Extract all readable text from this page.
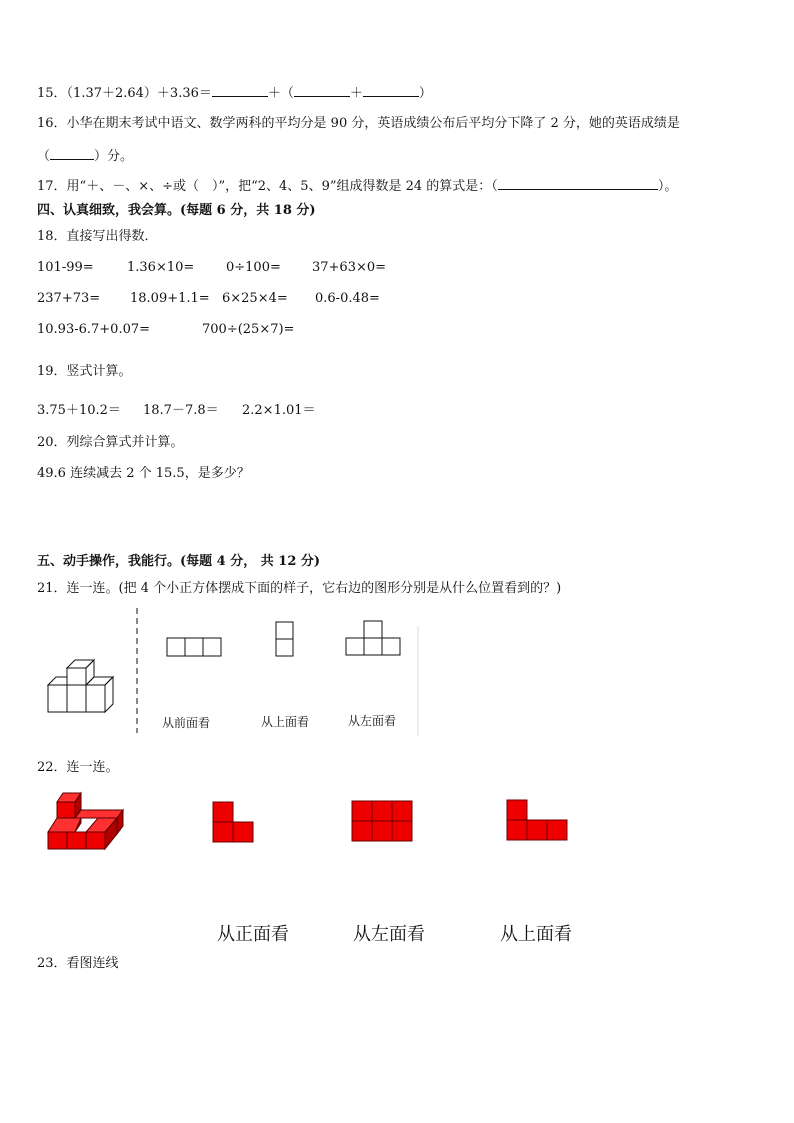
15．（1.37＋2.64）＋3.36＝	＋（	＋	）
16．小华在期末考试中语文、数学两科的平均分是 90 分，英语成绩公布后平均分下降了 2 分，她的英语成绩是
（	）分。
17．用“＋、－、×、÷或（　）”，把“2、4、5、9”组成得数是 24 的算式是：（	）。
四、认真细致，我会算。(每题 6 分，共 18 分)
18．直接写出得数．
101-99=	1.36×10= 0÷100= 37+63×0=
237+73= 18.09+1.1= 6×25×4= 0.6-0.48=
10.93-6.7+0.07=	700÷(25×7)=
19．竖式计算。
3.75＋10.2＝ 18.7－7.8＝ 2.2×1.01＝
20．列综合算式并计算。
49.6 连续减去 2 个 15.5，是多少？
五、动手操作，我能行。(每题 4 分， 共 12 分)
21．连一连。(把 4 个小正方体摆成下面的样子，它右边的图形分别是从什么位置看到的？)
从前面看	从上面看	从左面看
22．连一连。
从正面看	从左面看	从上面看
23．看图连线
